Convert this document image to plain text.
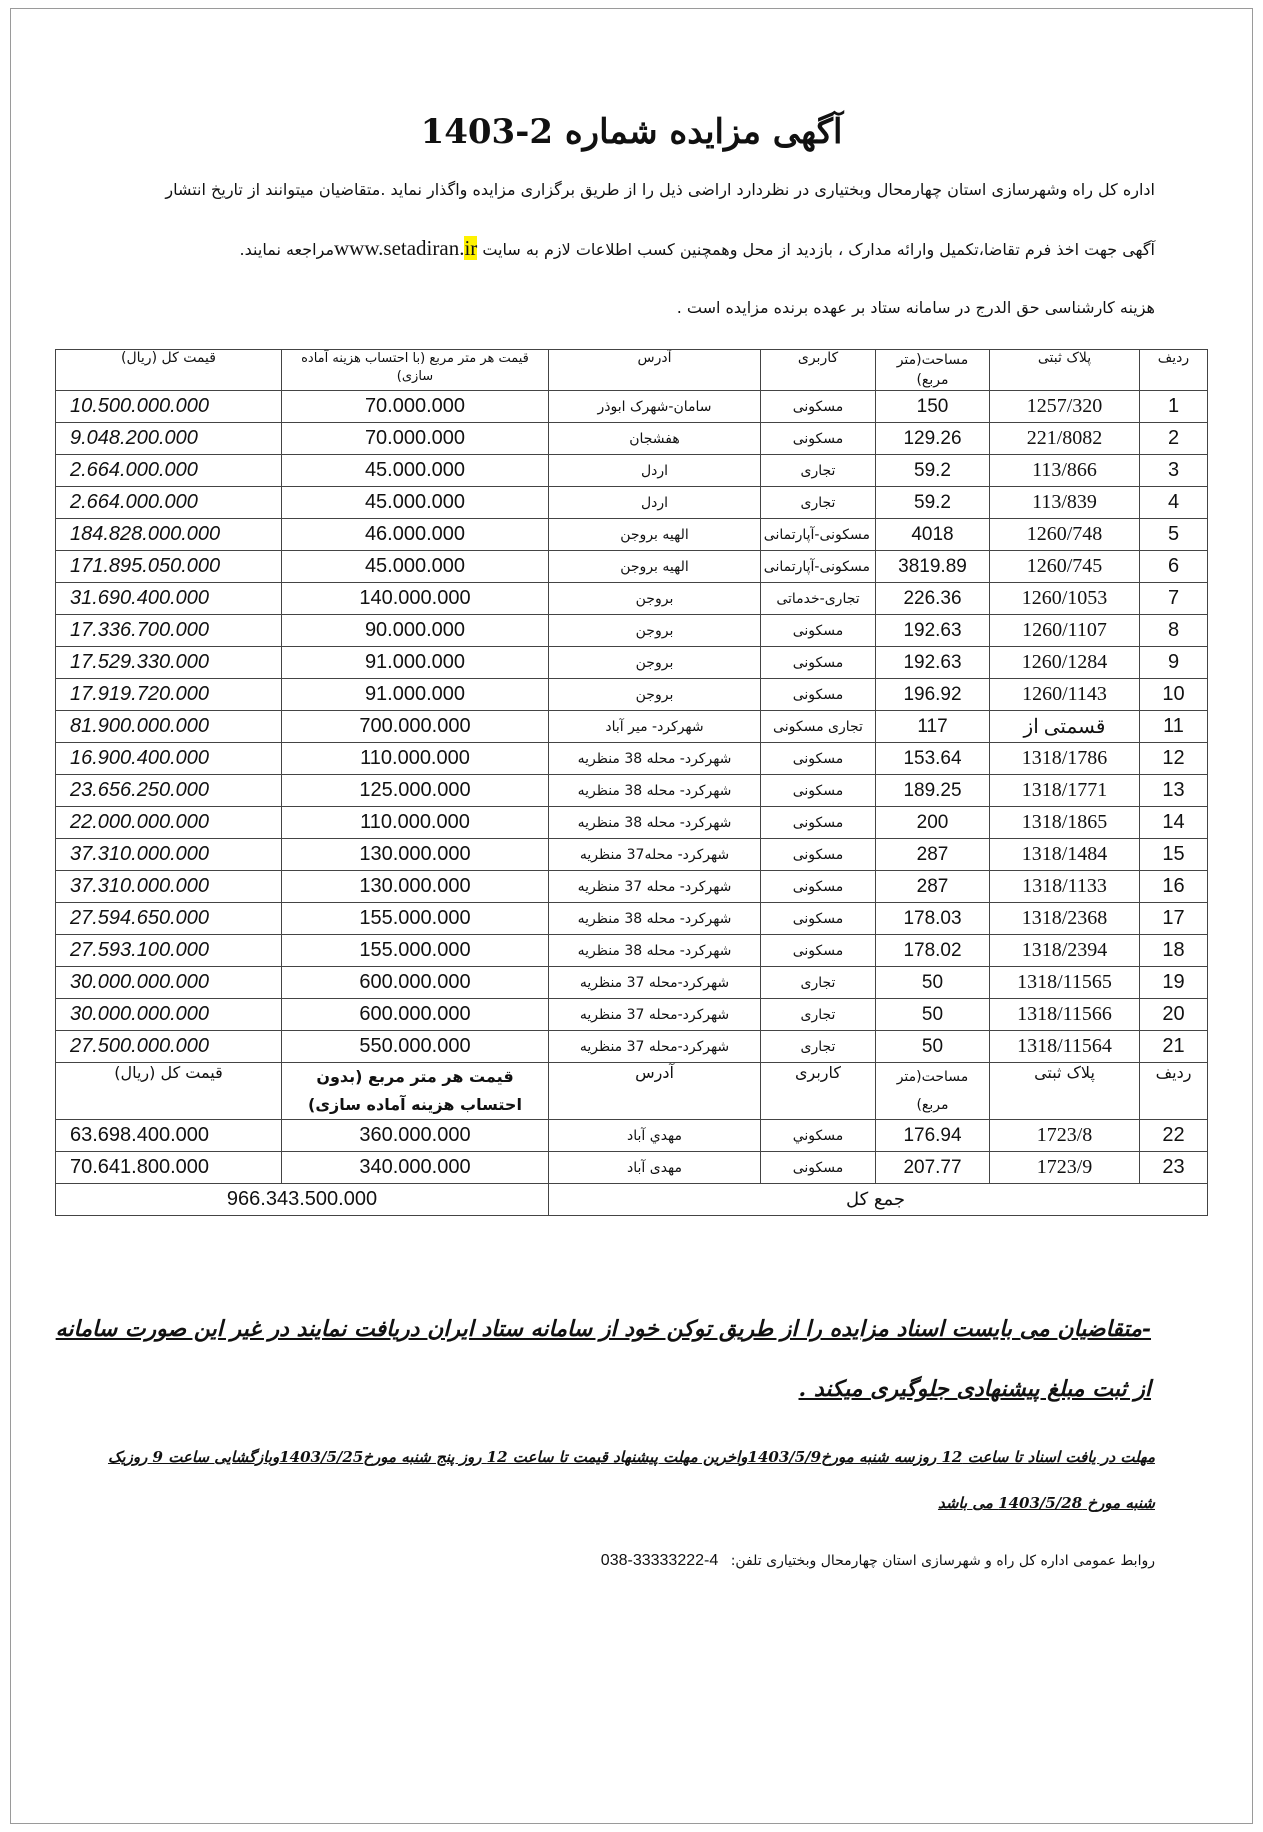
آگهی مزایده شماره 2-1403
اداره کل راه وشهرسازی استان چهارمحال وبختیاری در نظردارد اراضی ذیل را از طریق برگزاری مزایده واگذار نماید .متقاضیان میتوانند از تاریخ انتشار
آگهی جهت اخذ فرم تقاضا،تکمیل وارائه مدارک ، بازدید از محل وهمچنین کسب اطلاعات لازم به سایت www.setadiran.irمراجعه نمایند.
هزینه کارشناسی حق الدرج در سامانه ستاد بر عهده برنده مزایده است .
ردیف	پلاک ثبتی	مساحت(متر مربع)	کاربری	آدرس	قیمت هر متر مربع (با احتساب هزینه آماده سازی)	قیمت کل (ریال)
1	1257/320	150	مسکونی	سامان-شهرک ابوذر	70.000.000	10.500.000.000
2	221/8082	129.26	مسکونی	هفشجان	70.000.000	9.048.200.000
3	113/866	59.2	تجاری	اردل	45.000.000	2.664.000.000
4	113/839	59.2	تجاری	اردل	45.000.000	2.664.000.000
5	1260/748	4018	مسکونی-آپارتمانی	الهیه بروجن	46.000.000	184.828.000.000
6	1260/745	3819.89	مسکونی-آپارتمانی	الهیه بروجن	45.000.000	171.895.050.000
7	1260/1053	226.36	تجاری-خدماتی	بروجن	140.000.000	31.690.400.000
8	1260/1107	192.63	مسکونی	بروجن	90.000.000	17.336.700.000
9	1260/1284	192.63	مسکونی	بروجن	91.000.000	17.529.330.000
10	1260/1143	196.92	مسکونی	بروجن	91.000.000	17.919.720.000
11	قسمتی از	117	تجاری مسکونی	شهرکرد- میر آباد	700.000.000	81.900.000.000
12	1318/1786	153.64	مسکونی	شهرکرد- محله 38 منظریه	110.000.000	16.900.400.000
13	1318/1771	189.25	مسکونی	شهرکرد- محله 38 منظریه	125.000.000	23.656.250.000
14	1318/1865	200	مسکونی	شهرکرد- محله 38 منظریه	110.000.000	22.000.000.000
15	1318/1484	287	مسکونی	شهرکرد- محله37 منظریه	130.000.000	37.310.000.000
16	1318/1133	287	مسکونی	شهرکرد- محله 37 منظریه	130.000.000	37.310.000.000
17	1318/2368	178.03	مسکونی	شهرکرد- محله 38 منظریه	155.000.000	27.594.650.000
18	1318/2394	178.02	مسکونی	شهرکرد- محله 38 منظریه	155.000.000	27.593.100.000
19	1318/11565	50	تجاری	شهرکرد-محله 37 منظریه	600.000.000	30.000.000.000
20	1318/11566	50	تجاری	شهرکرد-محله 37 منظریه	600.000.000	30.000.000.000
21	1318/11564	50	تجاری	شهرکرد-محله 37 منظریه	550.000.000	27.500.000.000
ردیف	پلاک ثبتی	مساحت(متر مربع)	کاربری	آدرس	قیمت هر متر مربع (بدون احتساب هزینه آماده سازی)	قیمت کل (ریال)
22	1723/8	176.94	مسكوني	مهدي آباد	360.000.000	63.698.400.000
23	1723/9	207.77	مسکونی	مهدی آباد	340.000.000	70.641.800.000
جمع کل					966.343.500.000	
-متقاضیان می بایست اسناد مزایده را از طریق توکن خود از سامانه ستاد ایران دریافت نمایند در غیر این صورت سامانه
از ثبت مبلغ پیشنهادی جلوگیری میکند .
مهلت در یافت اسناد تا ساعت 12 روزسه شنبه مورخ1403/5/9واخرین مهلت پیشنهاد قیمت تا ساعت 12 روز پنج شنبه مورخ1403/5/25وبازگشایی ساعت 9 روزیک
شنبه مورخ 1403/5/28 می باشد
روابط عمومی اداره کل راه و شهرسازی استان چهارمحال وبختیاری تلفن: 038-33333222-4
